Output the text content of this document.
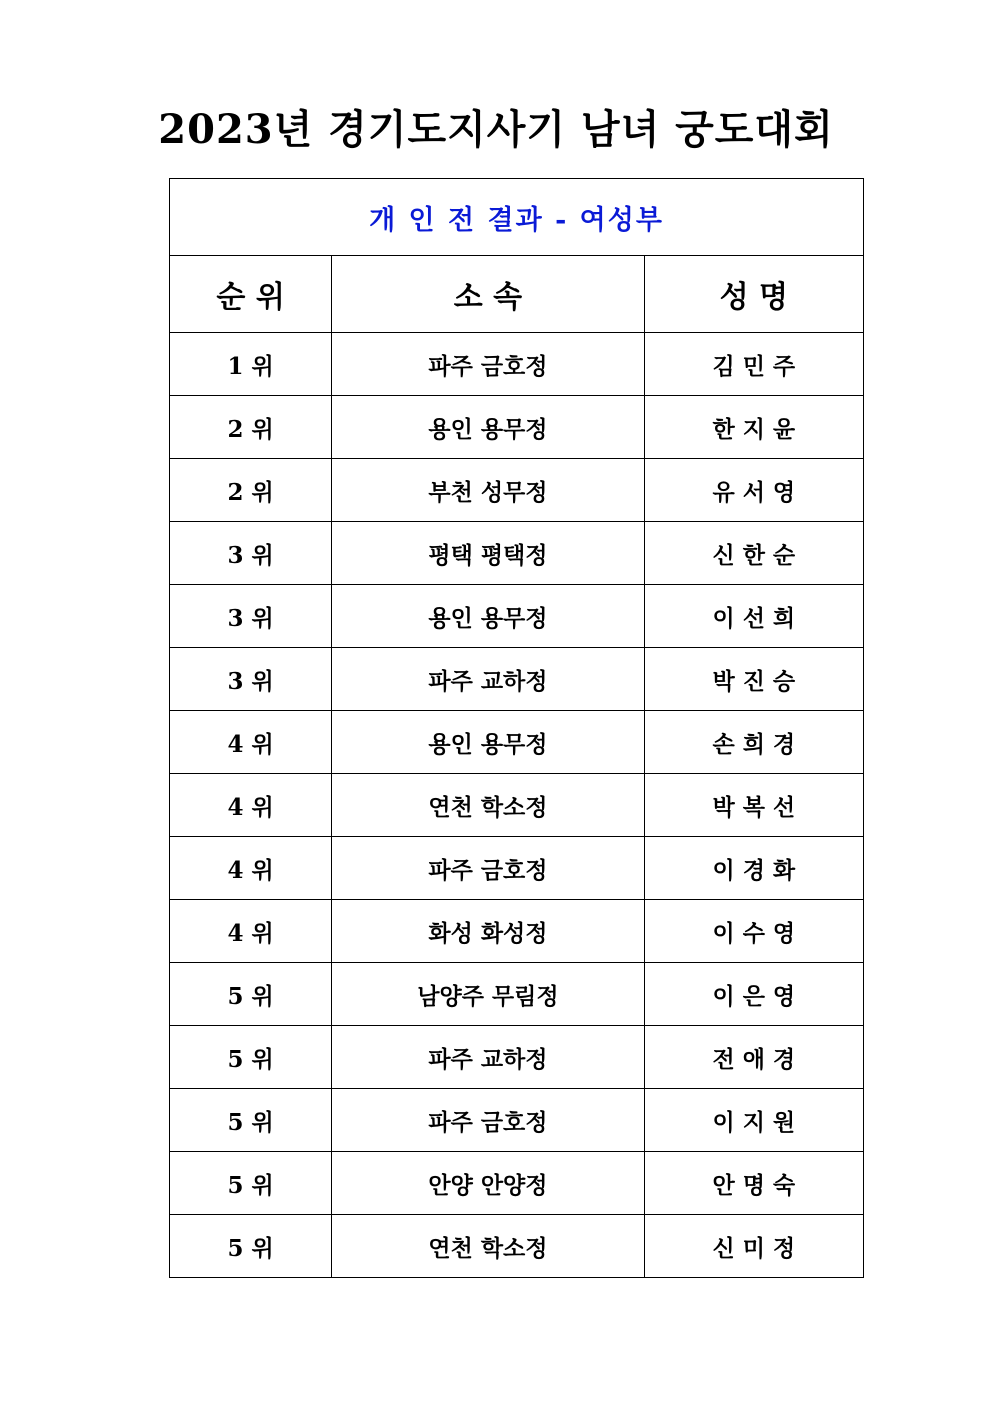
2023년 경기도지사기 남녀 궁도대회
개 인 전 결과 - 여성부		
순 위	소 속	성 명
1 위	파주 금호정	김 민 주
2 위	용인 용무정	한 지 윤
2 위	부천 성무정	유 서 영
3 위	평택 평택정	신 한 순
3 위	용인 용무정	이 선 희
3 위	파주 교하정	박 진 승
4 위	용인 용무정	손 희 경
4 위	연천 학소정	박 복 선
4 위	파주 금호정	이 경 화
4 위	화성 화성정	이 수 영
5 위	남양주 무림정	이 은 영
5 위	파주 교하정	전 애 경
5 위	파주 금호정	이 지 원
5 위	안양 안양정	안 명 숙
5 위	연천 학소정	신 미 정
